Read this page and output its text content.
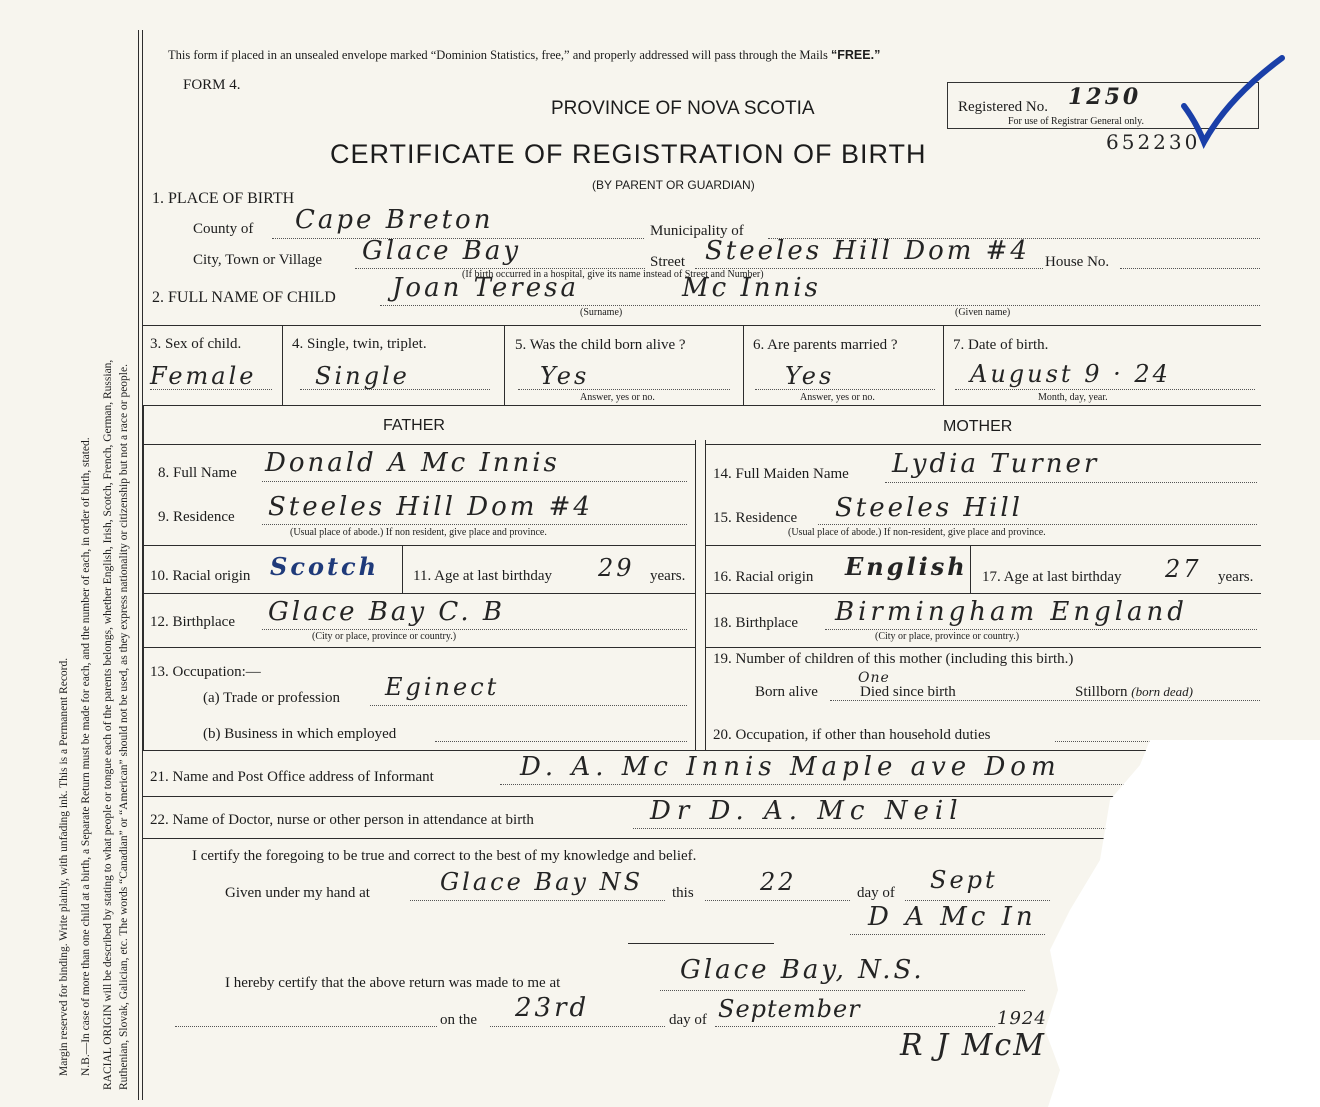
Margin reserved for binding. Write plainly, with unfading ink. This is a Permanent Record. N.B.—In case of more than one child at a birth, a Separate Return must be made for each, and the number of each, in order of birth, stated. RACIAL ORIGIN will be described by stating to what people or tongue each of the parents belongs, whether English, Irish, Scotch, French, German, Russian, Ruthenian, Slovak, Galician, etc. The words “Canadian” or “American” should not be used, as they express nationality or citizenship but not a race or people.
This form if placed in an unsealed envelope marked “Dominion Statistics, free,” and properly addressed will pass through the Mails “FREE.”
FORM 4.
PROVINCE OF NOVA SCOTIA
CERTIFICATE OF REGISTRATION OF BIRTH
(BY PARENT OR GUARDIAN)
Registered No. 1250
For use of Registrar General only.
652230
1. PLACE OF BIRTH
County of Cape Breton	Municipality of
City, Town or Village Glace Bay	Street Steeles Hill Dom #4 House No.
(If birth occurred in a hospital, give its name instead of Street and Number)
2. FULL NAME OF CHILD Joan Teresa	Mc Innis
(Surname)	(Given name)
3. Sex of child.
Female
4. Single, twin, triplet.
Single
5. Was the child born alive ?
Yes
Answer, yes or no.
6. Are parents married ?
Yes
Answer, yes or no.
7. Date of birth.
August 9 · 24
Month, day, year.
FATHER	MOTHER
8. Full Name Donald A Mc Innis
9. Residence Steeles Hill Dom #4
(Usual place of abode.) If non resident, give place and province.
10. Racial origin Scotch 11. Age at last birthday 29 years.
12. Birthplace Glace Bay C. B
(City or place, province or country.)
13. Occupation:—
(a) Trade or profession Eginect
(b) Business in which employed
14. Full Maiden Name Lydia Turner
15. Residence Steeles Hill
(Usual place of abode.) If non-resident, give place and province.
16. Racial origin English 17. Age at last birthday 27 years.
18. Birthplace Birmingham England
(City or place, province or country.)
19. Number of children of this mother (including this birth.)
Born alive
One
Died since birth	Stillborn (born dead)
20. Occupation, if other than household duties
21. Name and Post Office address of Informant	D. A. Mc Innis Maple ave Dom
22. Name of Doctor, nurse or other person in attendance at birth	Dr D. A. Mc Neil
I certify the foregoing to be true and correct to the best of my knowledge and belief.
Given under my hand at	Glace Bay NS this	22	day of Sept
D A Mc In
I hereby certify that the above return was made to me at	Glace Bay, N.S.
on the 23rd	day of September	1924
R J McM
